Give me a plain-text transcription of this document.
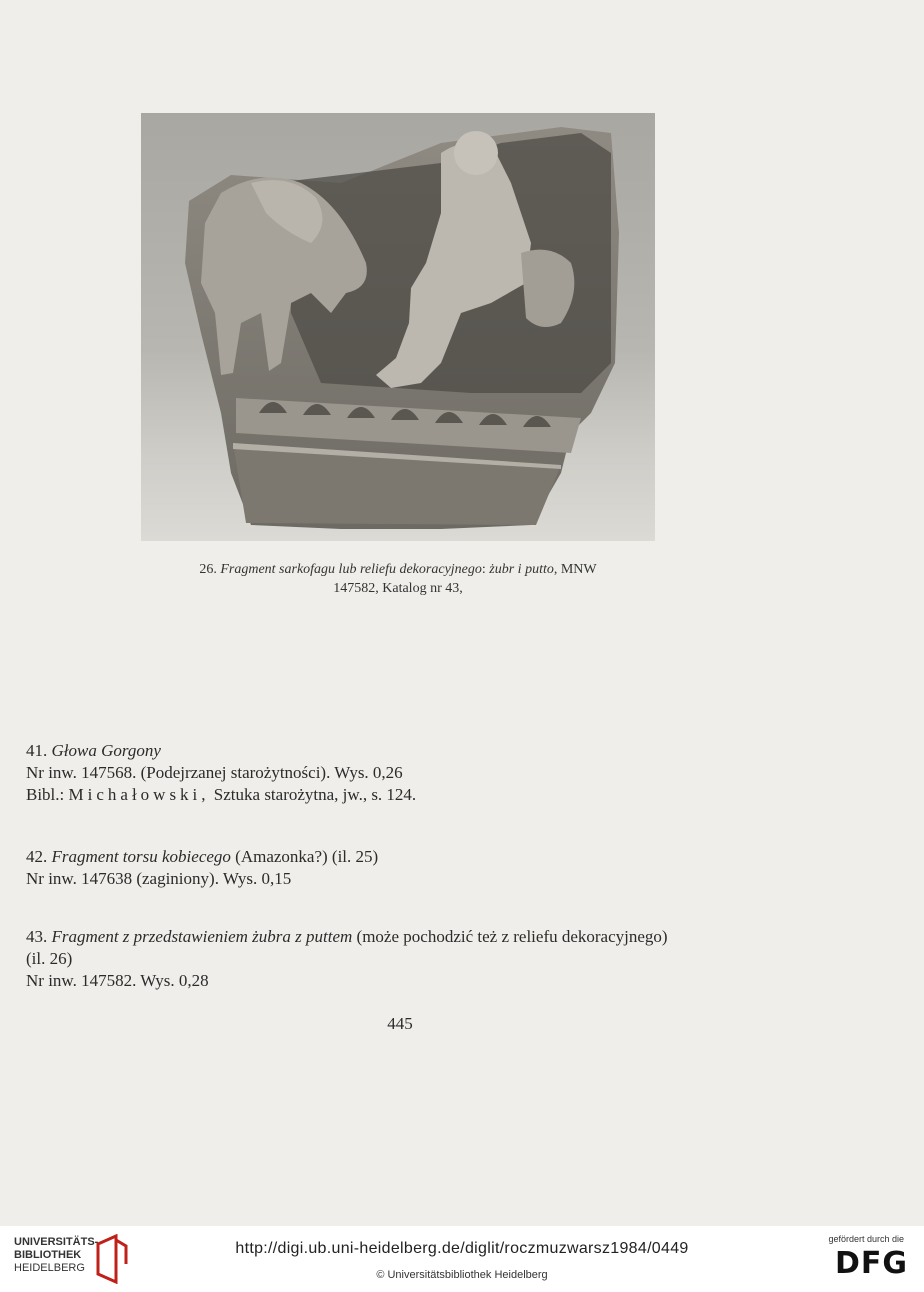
26. Fragment sarkofagu lub reliefu dekoracyjnego: żubr i putto, MNW
147582, Katalog nr 43,
41. Głowa Gorgony
Nr inw. 147568. (Podejrzanej starożytności). Wys. 0,26
Bibl.: Michałowski, Sztuka starożytna, jw., s. 124.
42. Fragment torsu kobiecego (Amazonka?) (il. 25)
Nr inw. 147638 (zaginiony). Wys. 0,15
43. Fragment z przedstawieniem żubra z puttem (może pochodzić też z reliefu dekoracyjnego)
(il. 26)
Nr inw. 147582. Wys. 0,28
445
UNIVERSITÄTS-
BIBLIOTHEK
HEIDELBERG
http://digi.ub.uni-heidelberg.de/diglit/roczmuzwarsz1984/0449
© Universitätsbibliothek Heidelberg
gefördert durch die
DFG
